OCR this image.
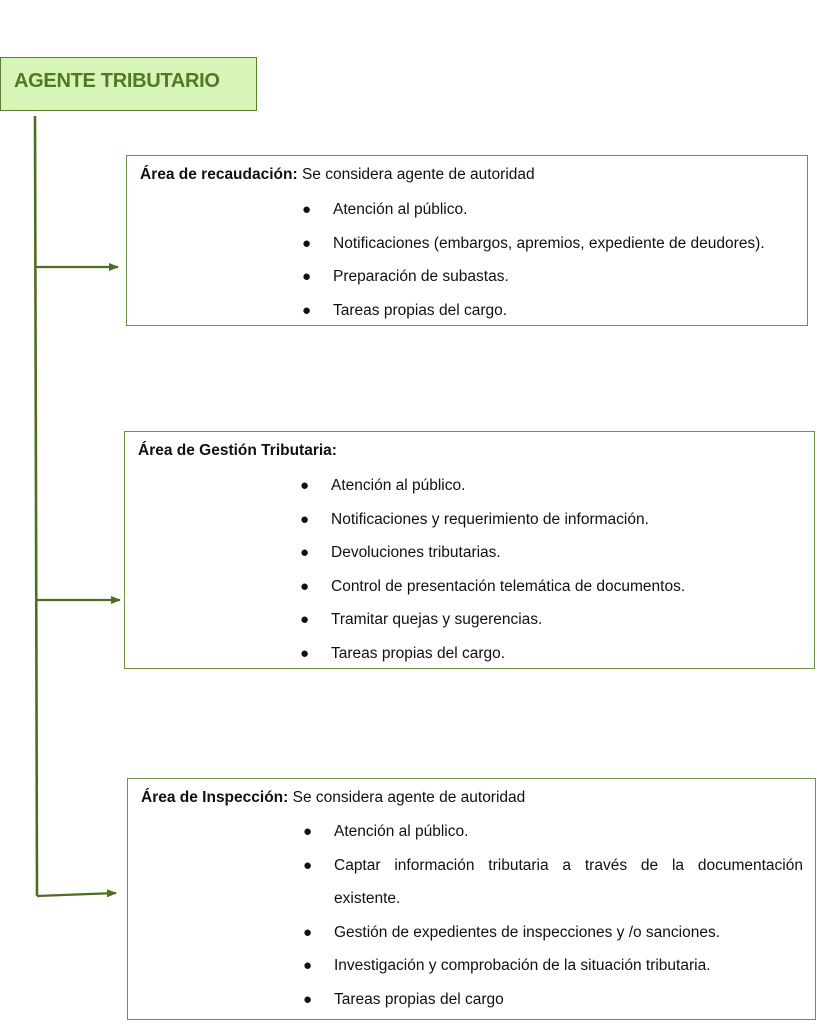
AGENTE TRIBUTARIO
Área de recaudación: Se considera agente de autoridad
● Atención al público.
● Notificaciones (embargos, apremios, expediente de deudores).
● Preparación de subastas.
● Tareas propias del cargo.
Área de Gestión Tributaria:
● Atención al público.
● Notificaciones y requerimiento de información.
● Devoluciones tributarias.
● Control de presentación telemática de documentos.
● Tramitar quejas y sugerencias.
● Tareas propias del cargo.
Área de Inspección: Se considera agente de autoridad
● Atención al público.
● Captar información tributaria a través de la documentación existente.
● Gestión de expedientes de inspecciones y /o sanciones.
● Investigación y comprobación de la situación tributaria.
● Tareas propias del cargo
